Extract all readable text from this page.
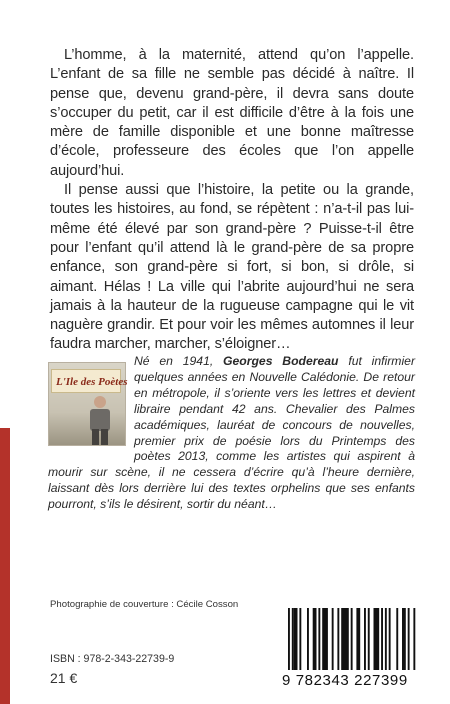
L’homme, à la maternité, attend qu’on l’appelle. L’enfant de sa fille ne semble pas décidé à naître. Il pense que, devenu grand-père, il devra sans doute s’occuper du petit, car il est difficile d’être à la fois une mère de famille disponible et une bonne maîtresse d’école, professeure des écoles que l’on appelle aujourd’hui.

Il pense aussi que l’histoire, la petite ou la grande, toutes les histoires, au fond, se répètent : n’a-t-il pas lui-même été élevé par son grand-père ? Puisse-t-il être pour l’enfant qu’il attend là le grand-père de sa propre enfance, son grand-père si fort, si bon, si drôle, si aimant. Hélas ! La ville qui l’abrite aujourd’hui ne sera jamais à la hauteur de la rugueuse campagne qui le vit naguère grandir. Et pour voir les mêmes automnes il leur faudra marcher, marcher, s’éloigner…

L'Ile des Poètes
Né en 1941, Georges Bodereau fut infirmier quelques années en Nouvelle Calédonie. De retour en métropole, il s’oriente vers les lettres et devient libraire pendant 42 ans. Chevalier des Palmes académiques, lauréat de concours de nouvelles, premier prix de poésie lors du Printemps des poètes 2013, comme les artistes qui aspirent à mourir sur scène, il ne cessera d’écrire qu’à l’heure dernière, laissant dès lors derrière lui des textes orphelins que ses enfants pourront, s’ils le désirent, sortir du néant…
Photographie de couverture : Cécile Cosson
ISBN : 978-2-343-22739-9
21 €	9 782343 227399
